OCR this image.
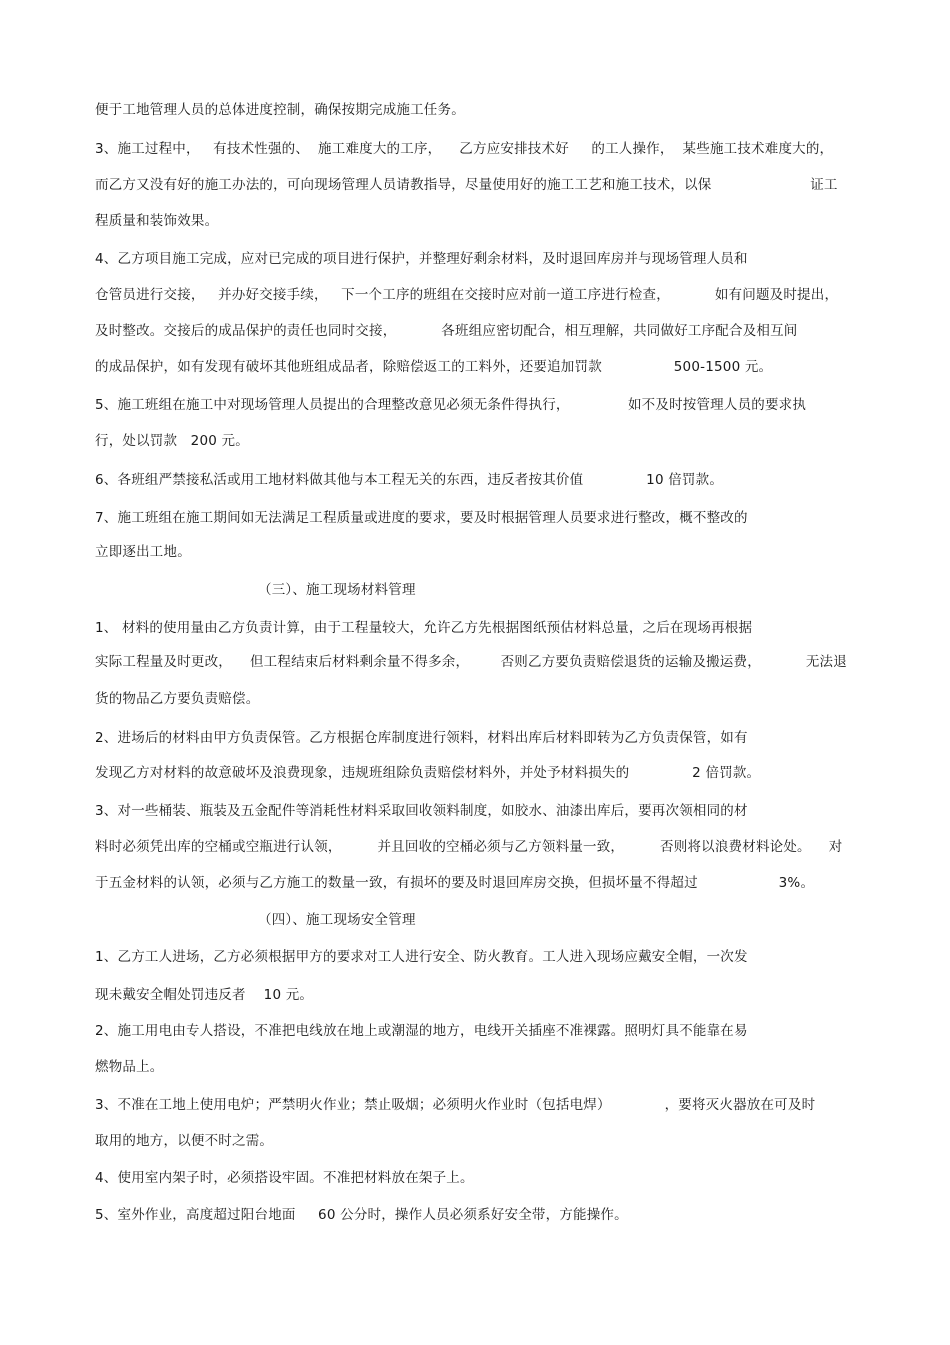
便于工地管理人员的总体进度控制，确保按期完成施工任务。
3、施工过程中，   有技术性强的、  施工难度大的工序，    乙方应安排技术好     的工人操作，  某些施工技术难度大的，
而乙方又没有好的施工办法的，可向现场管理人员请教指导，尽量使用好的施工工艺和施工技术，以保                      证工
程质量和装饰效果。
4、乙方项目施工完成，应对已完成的项目进行保护，并整理好剩余材料，及时退回库房并与现场管理人员和
仓管员进行交接，   并办好交接手续，   下一个工序的班组在交接时应对前一道工序进行检查，          如有问题及时提出，
及时整改。交接后的成品保护的责任也同时交接，          各班组应密切配合，相互理解，共同做好工序配合及相互间
的成品保护，如有发现有破坏其他班组成品者，除赔偿返工的工料外，还要追加罚款                500-1500 元。
5、施工班组在施工中对现场管理人员提出的合理整改意见必须无条件得执行，             如不及时按管理人员的要求执
行，处以罚款   200 元。
6、各班组严禁接私活或用工地材料做其他与本工程无关的东西，违反者按其价值              10 倍罚款。
7、施工班组在施工期间如无法满足工程质量或进度的要求，要及时根据管理人员要求进行整改，概不整改的
立即逐出工地。
（三）、施工现场材料管理
1、 材料的使用量由乙方负责计算，由于工程量较大，允许乙方先根据图纸预估材料总量，之后在现场再根据
实际工程量及时更改，    但工程结束后材料剩余量不得多余，       否则乙方要负责赔偿退货的运输及搬运费，          无法退
货的物品乙方要负责赔偿。
2、进场后的材料由甲方负责保管。乙方根据仓库制度进行领料，材料出库后材料即转为乙方负责保管，如有
发现乙方对材料的故意破坏及浪费现象，违规班组除负责赔偿材料外，并处予材料损失的              2 倍罚款。
3、对一些桶装、瓶装及五金配件等消耗性材料采取回收领料制度，如胶水、油漆出库后，要再次领相同的材
料时必须凭出库的空桶或空瓶进行认领，        并且回收的空桶必须与乙方领料量一致，        否则将以浪费材料论处。    对
于五金材料的认领，必须与乙方施工的数量一致，有损坏的要及时退回库房交换，但损坏量不得超过                  3%。
（四）、施工现场安全管理
1、乙方工人进场，乙方必须根据甲方的要求对工人进行安全、防火教育。工人进入现场应戴安全帽，一次发
现未戴安全帽处罚违反者    10 元。
2、施工用电由专人搭设，不准把电线放在地上或潮湿的地方，电线开关插座不准裸露。照明灯具不能靠在易
燃物品上。
3、不准在工地上使用电炉；严禁明火作业；禁止吸烟；必须明火作业时（包括电焊）            ，要将灭火器放在可及时
取用的地方，以便不时之需。
4、使用室内架子时，必须搭设牢固。不准把材料放在架子上。
5、室外作业，高度超过阳台地面     60 公分时，操作人员必须系好安全带，方能操作。
